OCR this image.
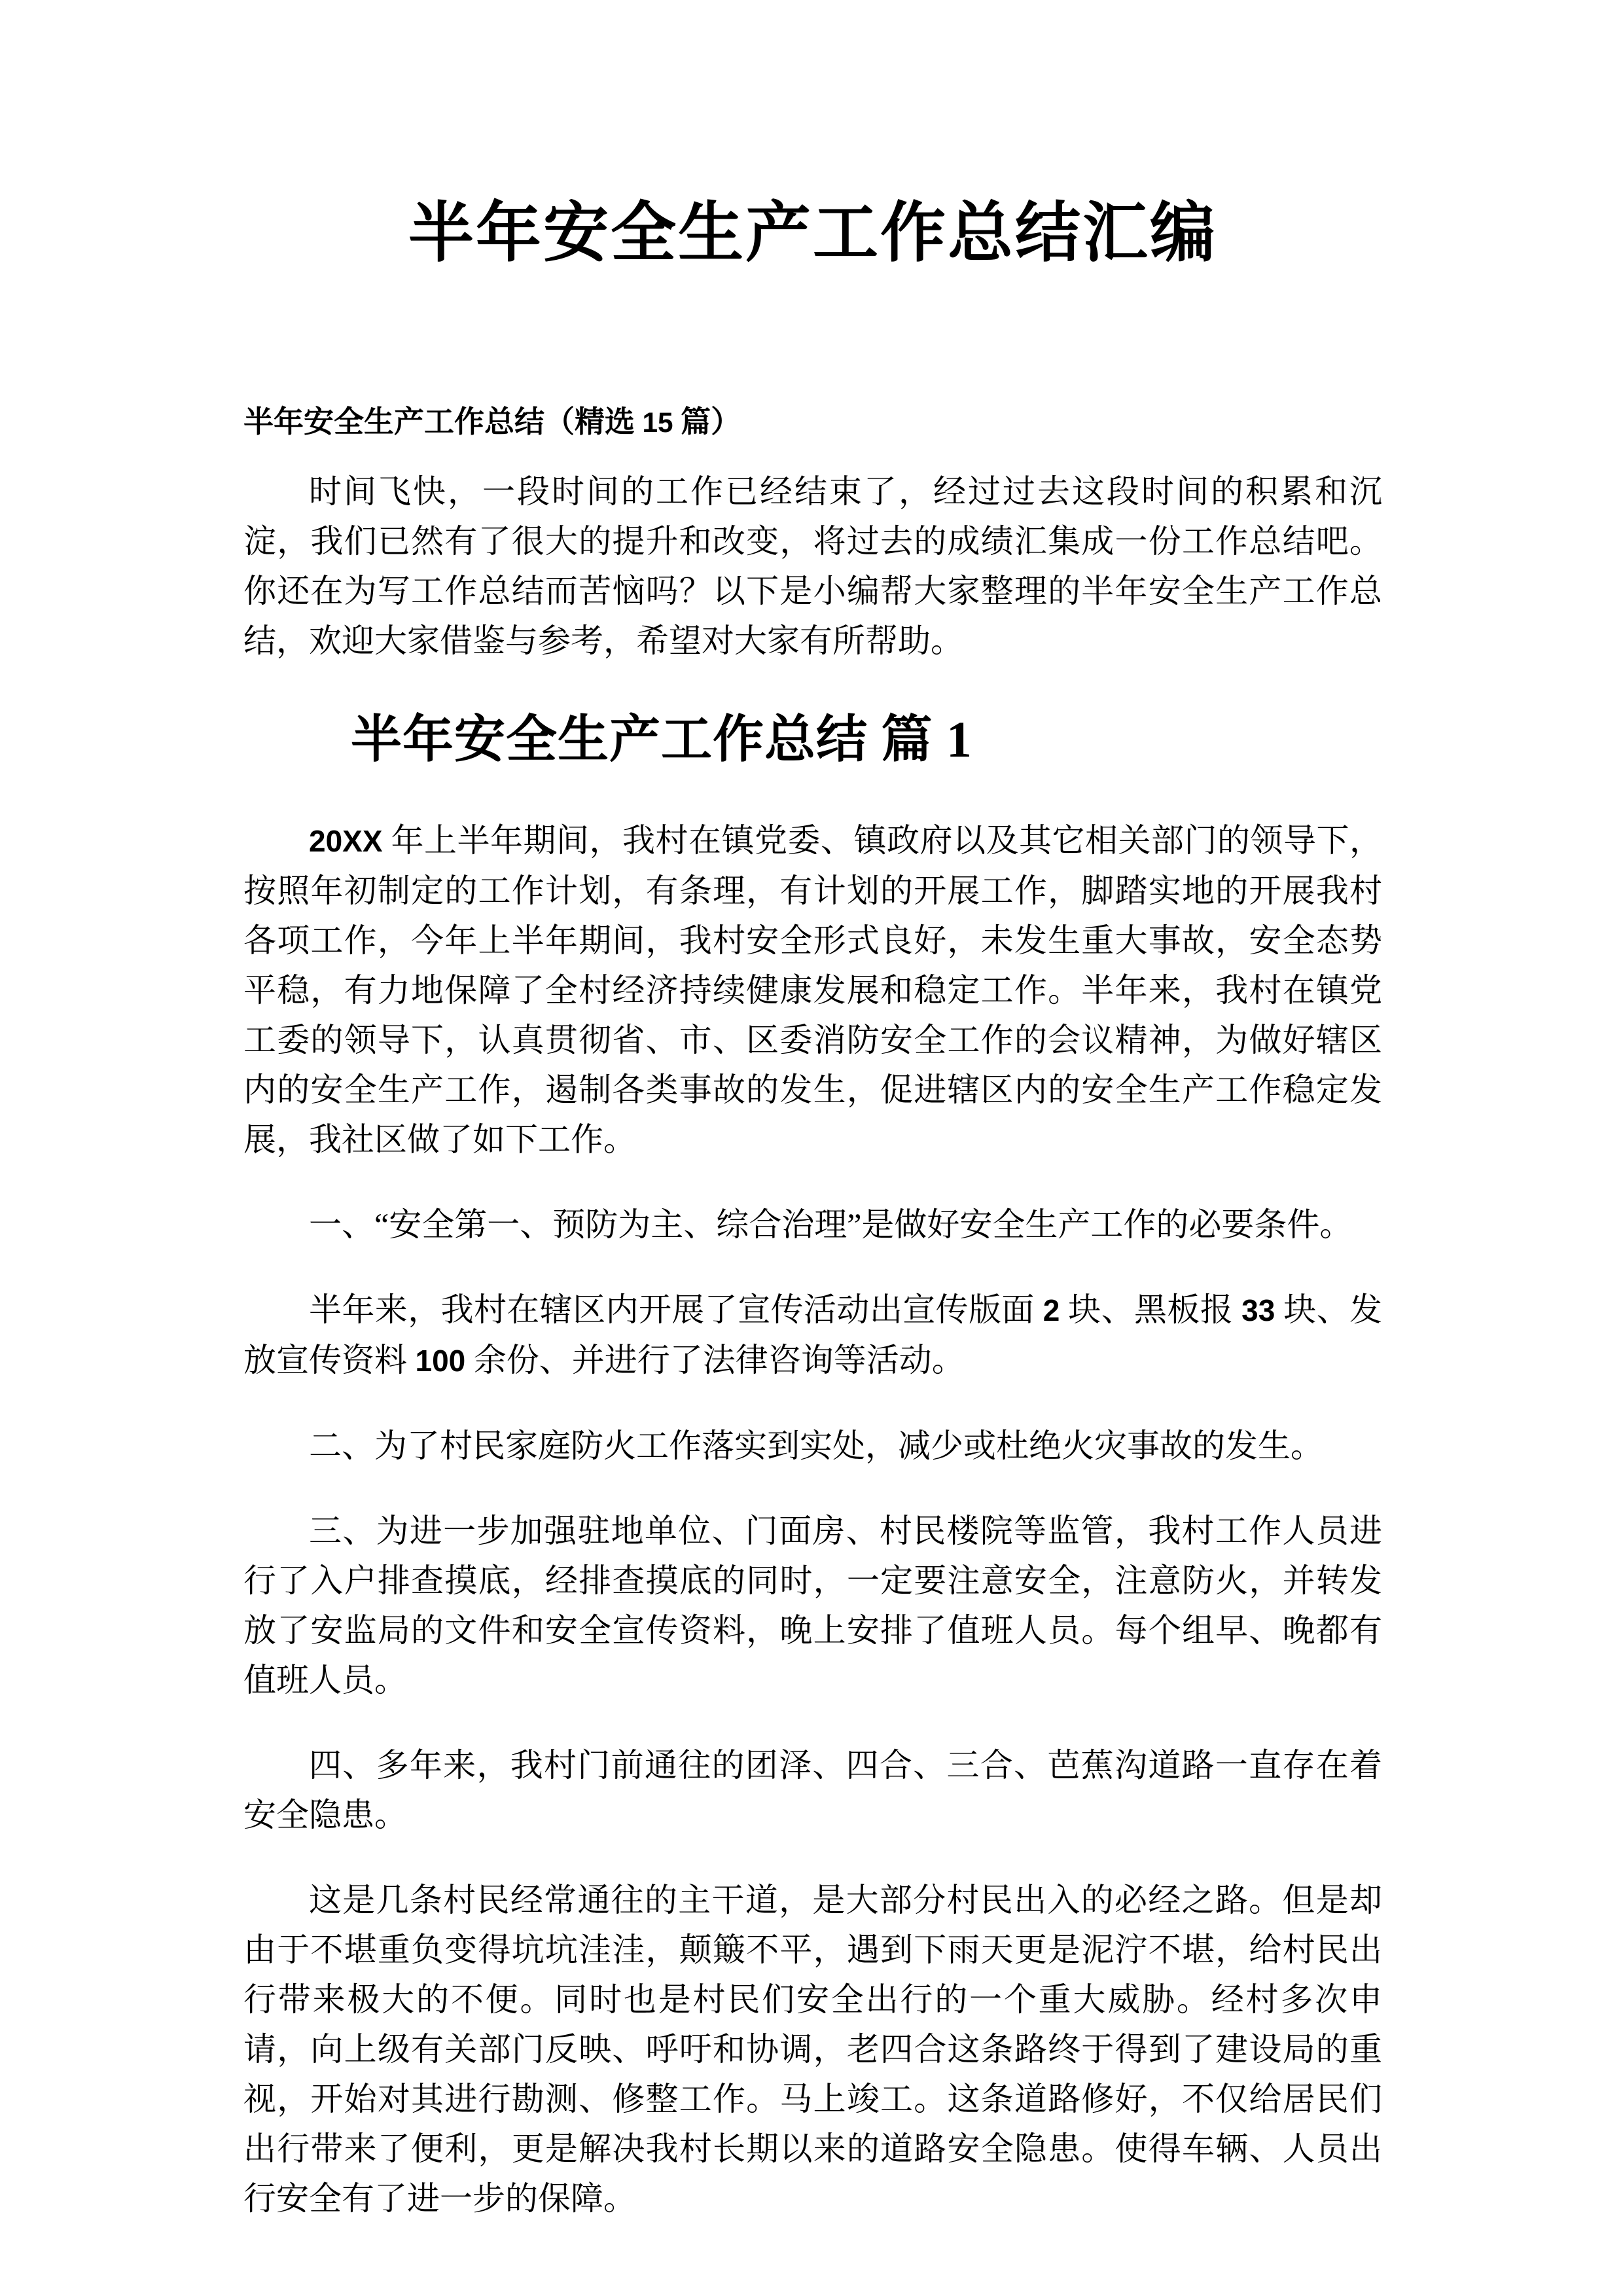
半年安全生产工作总结汇编

半年安全生产工作总结（精选 15 篇）

时间飞快，一段时间的工作已经结束了，经过过去这段时间的积累和沉淀，我们已然有了很大的提升和改变，将过去的成绩汇集成一份工作总结吧。你还在为写工作总结而苦恼吗？以下是小编帮大家整理的半年安全生产工作总结，欢迎大家借鉴与参考，希望对大家有所帮助。

半年安全生产工作总结 篇 1

20XX 年上半年期间，我村在镇党委、镇政府以及其它相关部门的领导下，按照年初制定的工作计划，有条理，有计划的开展工作，脚踏实地的开展我村各项工作，今年上半年期间，我村安全形式良好，未发生重大事故，安全态势平稳，有力地保障了全村经济持续健康发展和稳定工作。半年来，我村在镇党工委的领导下，认真贯彻省、市、区委消防安全工作的会议精神，为做好辖区内的安全生产工作，遏制各类事故的发生，促进辖区内的安全生产工作稳定发展，我社区做了如下工作。

一、“安全第一、预防为主、综合治理”是做好安全生产工作的必要条件。

半年来，我村在辖区内开展了宣传活动出宣传版面 2 块、黑板报 33 块、发放宣传资料 100 余份、并进行了法律咨询等活动。

二、为了村民家庭防火工作落实到实处，减少或杜绝火灾事故的发生。

三、为进一步加强驻地单位、门面房、村民楼院等监管，我村工作人员进行了入户排查摸底，经排查摸底的同时，一定要注意安全，注意防火，并转发放了安监局的文件和安全宣传资料，晚上安排了值班人员。每个组早、晚都有值班人员。

四、多年来，我村门前通往的团泽、四合、三合、芭蕉沟道路一直存在着安全隐患。

这是几条村民经常通往的主干道，是大部分村民出入的必经之路。但是却由于不堪重负变得坑坑洼洼，颠簸不平，遇到下雨天更是泥泞不堪，给村民出行带来极大的不便。同时也是村民们安全出行的一个重大威胁。经村多次申请，向上级有关部门反映、呼吁和协调，老四合这条路终于得到了建设局的重视，开始对其进行勘测、修整工作。马上竣工。这条道路修好，不仅给居民们出行带来了便利，更是解决我村长期以来的道路安全隐患。使得车辆、人员出行安全有了进一步的保障。
